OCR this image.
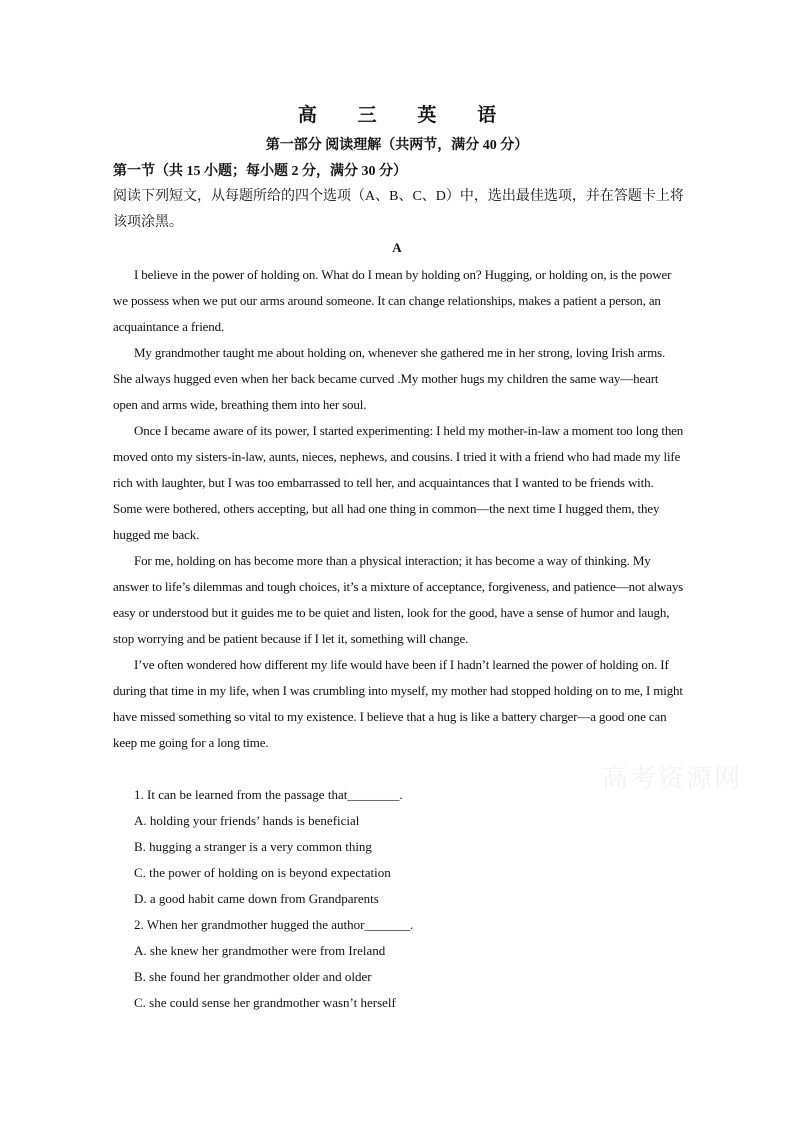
高 三 英 语
第一部分 阅读理解（共两节，满分 40 分）
第一节（共 15 小题；每小题 2 分，满分 30 分）
阅读下列短文，从每题所给的四个选项（A、B、C、D）中，选出最佳选项，并在答题卡上将该项涂黑。
A

I believe in the power of holding on. What do I mean by holding on? Hugging, or holding on, is the power we possess when we put our arms around someone. It can change relationships, makes a patient a person, an acquaintance a friend.

My grandmother taught me about holding on, whenever she gathered me in her strong, loving Irish arms. She always hugged even when her back became curved .My mother hugs my children the same way—heart open and arms wide, breathing them into her soul.

Once I became aware of its power, I started experimenting: I held my mother-in-law a moment too long then moved onto my sisters-in-law, aunts, nieces, nephews, and cousins. I tried it with a friend who had made my life rich with laughter, but I was too embarrassed to tell her, and acquaintances that I wanted to be friends with. Some were bothered, others accepting, but all had one thing in common—the next time I hugged them, they hugged me back.

For me, holding on has become more than a physical interaction; it has become a way of thinking. My answer to life’s dilemmas and tough choices, it’s a mixture of acceptance, forgiveness, and patience—not always easy or understood but it guides me to be quiet and listen, look for the good, have a sense of humor and laugh, stop worrying and be patient because if I let it, something will change.

I’ve often wondered how different my life would have been if I hadn’t learned the power of holding on. If during that time in my life, when I was crumbling into myself, my mother had stopped holding on to me, I might have missed something so vital to my existence. I believe that a hug is like a battery charger—a good one can keep me going for a long time.

高考资源网
1. It can be learned from the passage that________.
A. holding your friends’ hands is beneficial
B. hugging a stranger is a very common thing
C. the power of holding on is beyond expectation
D. a good habit came down from Grandparents
2. When her grandmother hugged the author_______.
A. she knew her grandmother were from Ireland
B. she found her grandmother older and older
C. she could sense her grandmother wasn’t herself
